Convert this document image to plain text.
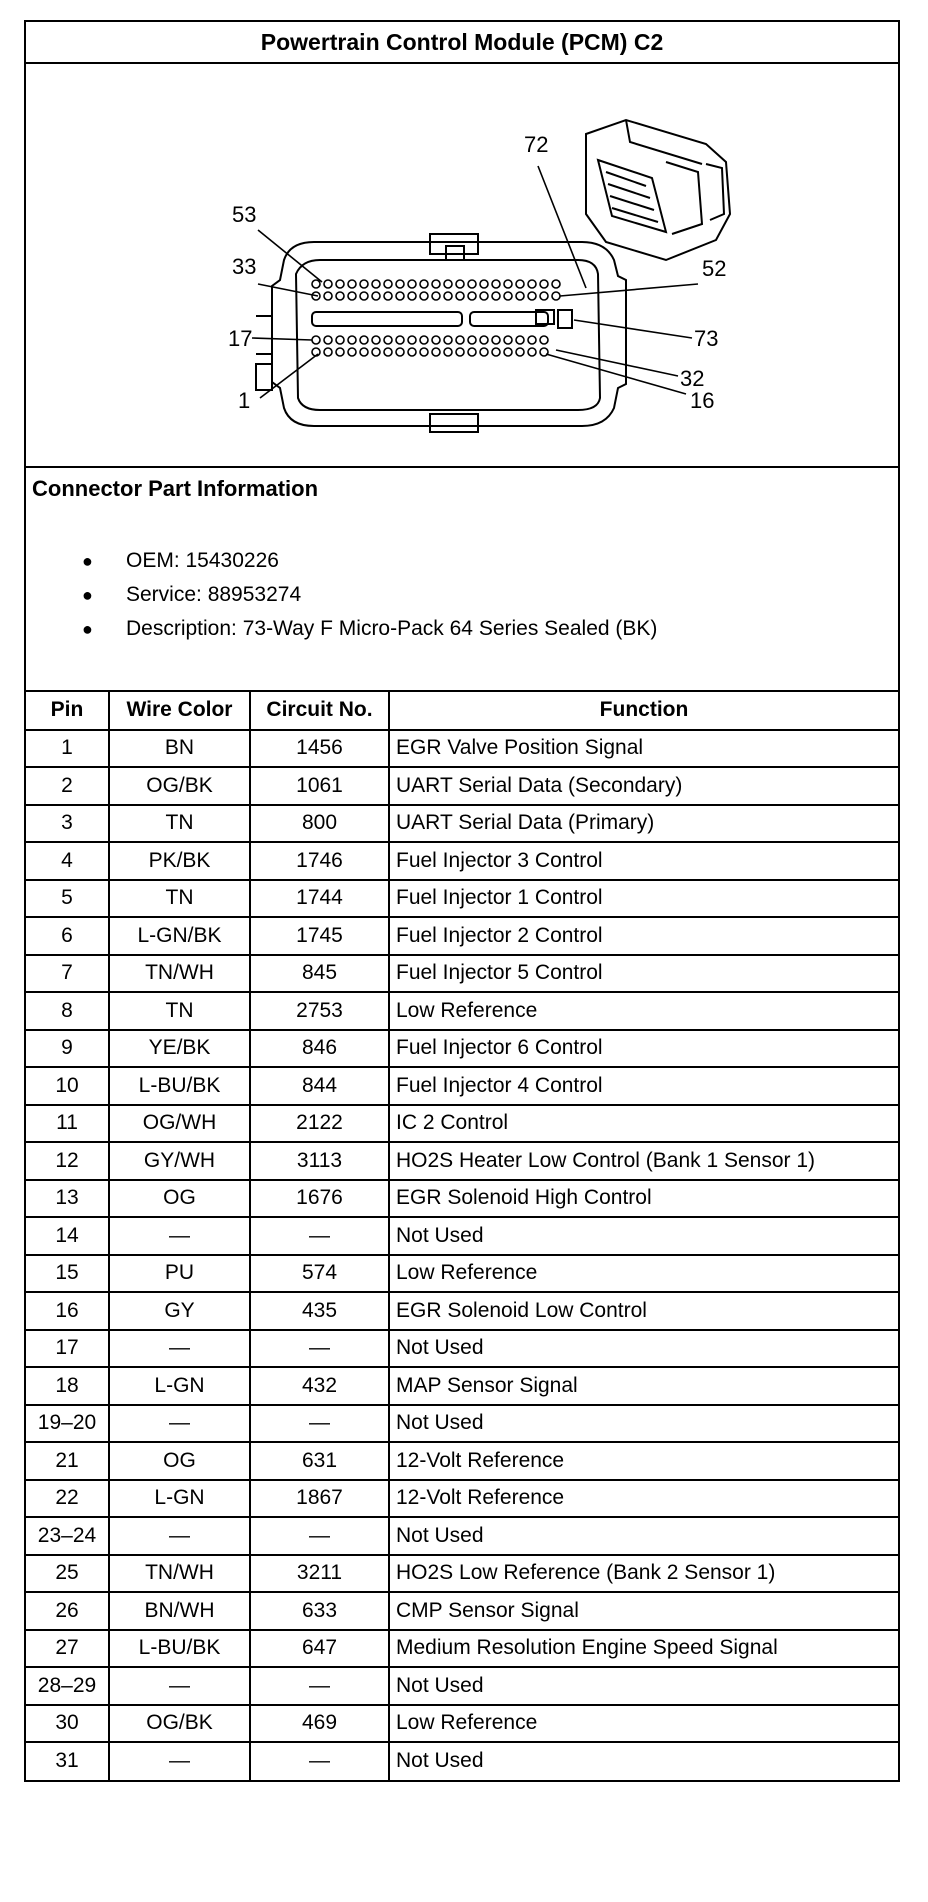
Powertrain Control Module (PCM) C2
72
53
33	52
17	73
32
1	16
Connector Part Information
● OEM: 15430226
● Service: 88953274
● Description: 73-Way F Micro-Pack 64 Series Sealed (BK)
Pin	Wire Color	Circuit No.	Function
1	BN	1456	EGR Valve Position Signal
2	OG/BK	1061	UART Serial Data (Secondary)
3	TN	800	UART Serial Data (Primary)
4	PK/BK	1746	Fuel Injector 3 Control
5	TN	1744	Fuel Injector 1 Control
6	L-GN/BK	1745	Fuel Injector 2 Control
7	TN/WH	845	Fuel Injector 5 Control
8	TN	2753	Low Reference
9	YE/BK	846	Fuel Injector 6 Control
10	L-BU/BK	844	Fuel Injector 4 Control
11	OG/WH	2122	IC 2 Control
12	GY/WH	3113	HO2S Heater Low Control (Bank 1 Sensor 1)
13	OG	1676	EGR Solenoid High Control
14	—	—	Not Used
15	PU	574	Low Reference
16	GY	435	EGR Solenoid Low Control
17	—	—	Not Used
18	L-GN	432	MAP Sensor Signal
19–20	—	—	Not Used
21	OG	631	12-Volt Reference
22	L-GN	1867	12-Volt Reference
23–24	—	—	Not Used
25	TN/WH	3211	HO2S Low Reference (Bank 2 Sensor 1)
26	BN/WH	633	CMP Sensor Signal
27	L-BU/BK	647	Medium Resolution Engine Speed Signal
28–29	—	—	Not Used
30	OG/BK	469	Low Reference
31	—	—	Not Used
